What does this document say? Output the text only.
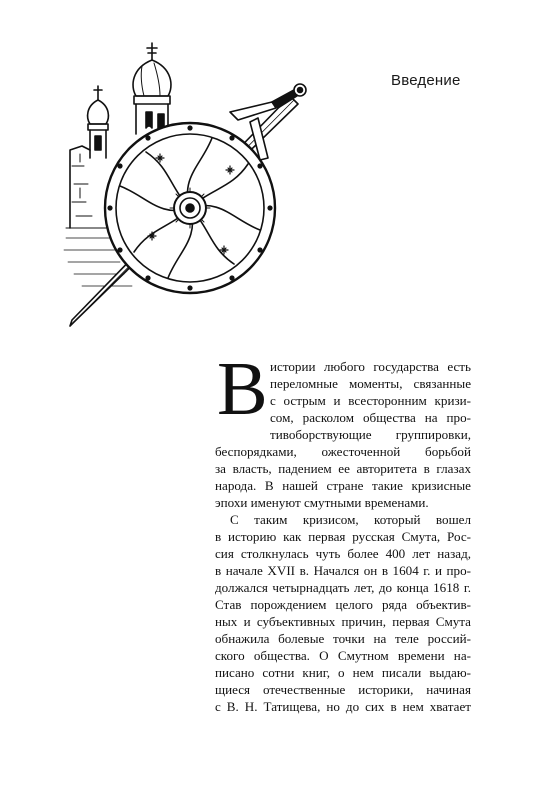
Введение
В истории любого государства есть
переломные моменты, связанные
с острым и всесторонним кризи-
сом, расколом общества на про-
тивоборствующие группировки,
беспорядками, ожесточенной борьбой
за власть, падением ее авторитета в глазах
народа. В нашей стране такие кризисные
эпохи именуют смутными временами.
С таким кризисом, который вошел
в историю как первая русская Смута, Рос-
сия столкнулась чуть более 400 лет назад,
в начале XVII в. Начался он в 1604 г. и про-
должался четырнадцать лет, до конца 1618 г.
Став порождением целого ряда объектив-
ных и субъективных причин, первая Смута
обнажила болевые точки на теле россий-
ского общества. О Смутном времени на-
писано сотни книг, о нем писали выдаю-
щиеся отечественные историки, начиная
с В. Н. Татищева, но до сих в нем хватает
